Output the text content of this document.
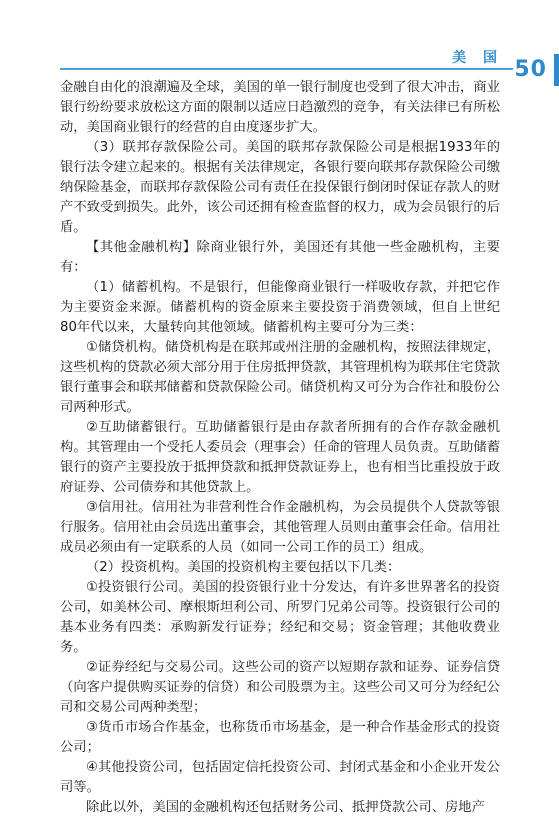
美 国 50

金融自由化的浪潮遍及全球，美国的单一银行制度也受到了很大冲击，商业银行纷纷要求放松这方面的限制以适应日趋激烈的竞争，有关法律已有所松动，美国商业银行的经营的自由度逐步扩大。

（3）联邦存款保险公司。美国的联邦存款保险公司是根据1933年的银行法令建立起来的。根据有关法律规定，各银行要向联邦存款保险公司缴纳保险基金，而联邦存款保险公司有责任在投保银行倒闭时保证存款人的财产不致受到损失。此外，该公司还拥有检查监督的权力，成为会员银行的后盾。

【其他金融机构】除商业银行外，美国还有其他一些金融机构，主要有：

（1）储蓄机构。不是银行，但能像商业银行一样吸收存款，并把它作为主要资金来源。储蓄机构的资金原来主要投资于消费领域，但自上世纪80年代以来，大量转向其他领域。储蓄机构主要可分为三类：

①储贷机构。储贷机构是在联邦或州注册的金融机构，按照法律规定，这些机构的贷款必须大部分用于住房抵押贷款，其管理机构为联邦住宅贷款银行董事会和联邦储蓄和贷款保险公司。储贷机构又可分为合作社和股份公司两种形式。

②互助储蓄银行。互助储蓄银行是由存款者所拥有的合作存款金融机构。其管理由一个受托人委员会（理事会）任命的管理人员负责。互助储蓄银行的资产主要投放于抵押贷款和抵押贷款证券上，也有相当比重投放于政府证券、公司债券和其他贷款上。

③信用社。信用社为非营利性合作金融机构，为会员提供个人贷款等银行服务。信用社由会员选出董事会，其他管理人员则由董事会任命。信用社成员必须由有一定联系的人员（如同一公司工作的员工）组成。

（2）投资机构。美国的投资机构主要包括以下几类：

①投资银行公司。美国的投资银行业十分发达，有许多世界著名的投资公司，如美林公司、摩根斯坦利公司、所罗门兄弟公司等。投资银行公司的基本业务有四类：承购新发行证券；经纪和交易；资金管理；其他收费业务。

②证券经纪与交易公司。这些公司的资产以短期存款和证券、证券信贷（向客户提供购买证券的信贷）和公司股票为主。这些公司又可分为经纪公司和交易公司两种类型；

③货币市场合作基金，也称货币市场基金，是一种合作基金形式的投资公司；

④其他投资公司，包括固定信托投资公司、封闭式基金和小企业开发公司等。

除此以外，美国的金融机构还包括财务公司、抵押贷款公司、房地产
